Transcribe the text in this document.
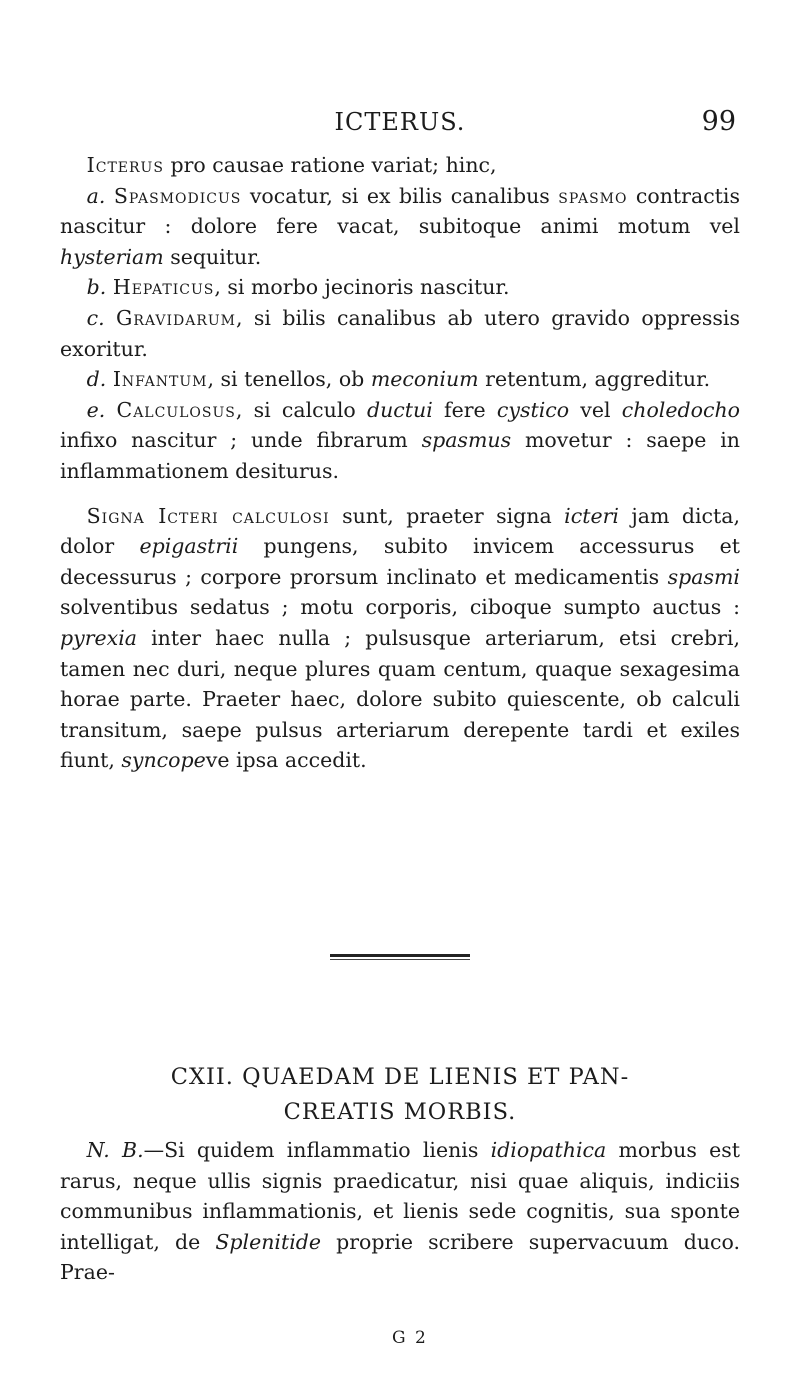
ICTERUS.	99

Icterus pro causae ratione variat; hinc,

a. Spasmodicus vocatur, si ex bilis canalibus spasmo contractis nascitur : dolore fere vacat, subitoque animi motum vel hysteriam sequitur.

b. Hepaticus, si morbo jecinoris nascitur.

c. Gravidarum, si bilis canalibus ab utero gravido oppressis exoritur.

d. Infantum, si tenellos, ob meconium retentum, aggreditur.

e. Calculosus, si calculo ductui fere cystico vel choledocho infixo nascitur ; unde fibrarum spasmus movetur : saepe in inflammationem desiturus.

Signa Icteri calculosi sunt, praeter signa icteri jam dicta, dolor epigastrii pungens, subito invicem accessurus et decessurus ; corpore prorsum inclinato et medicamentis spasmi solventibus sedatus ; motu corporis, ciboque sumpto auctus : pyrexia inter haec nulla ; pulsusque arteriarum, etsi crebri, tamen nec duri, neque plures quam centum, quaque sexagesima horae parte. Praeter haec, dolore subito quiescente, ob calculi transitum, saepe pulsus arteriarum derepente tardi et exiles fiunt, syncopeve ipsa accedit.

CXII. QUAEDAM DE LIENIS ET PAN-
CREATIS MORBIS.

N. B.—Si quidem inflammatio lienis idiopathica morbus est rarus, neque ullis signis praedicatur, nisi quae aliquis, indiciis communibus inflammationis, et lienis sede cognitis, sua sponte intelligat, de Splenitide proprie scribere supervacuum duco. Prae-

G 2
